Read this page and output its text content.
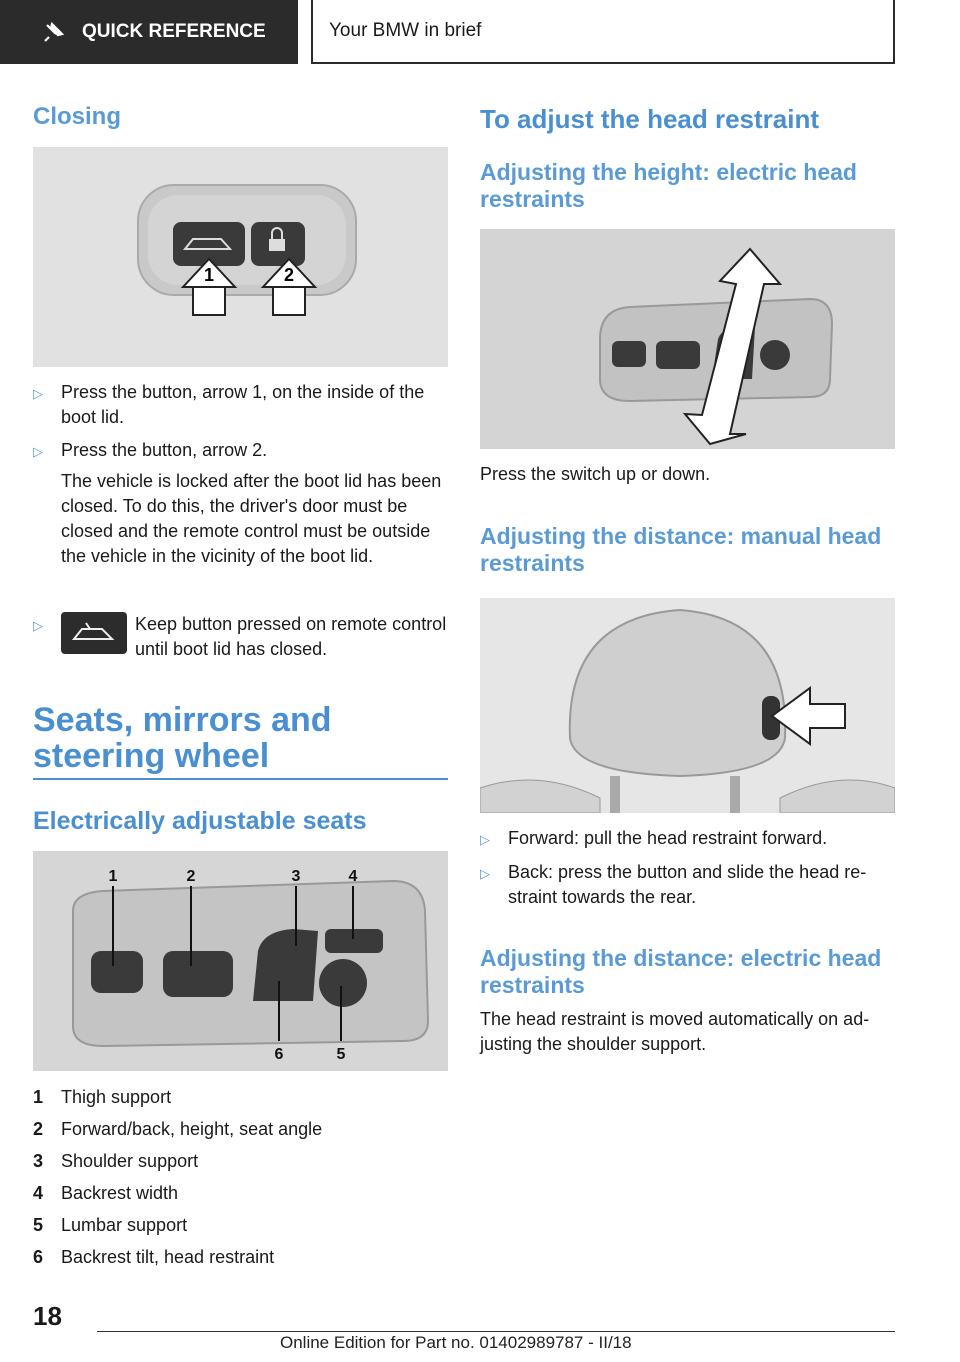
QUICK REFERENCE	Your BMW in brief
Closing
1	2
▷	Press the button, arrow 1, on the inside of the boot lid.
▷	Press the button, arrow 2.
The vehicle is locked after the boot lid has been closed. To do this, the driver's door must be closed and the remote control must be outside the vehicle in the vicinity of the boot lid.
▷	Keep button pressed on remote control until boot lid has closed.
Seats, mirrors and steering wheel
Electrically adjustable seats
1	2	3	4
6	5
1 Thigh support
2 Forward/back, height, seat angle
3 Shoulder support
4 Backrest width
5 Lumbar support
6 Backrest tilt, head restraint
To adjust the head restraint
Adjusting the height: electric head restraints
Press the switch up or down.
Adjusting the distance: manual head restraints
▷	Forward: pull the head restraint forward.
▷	Back: press the button and slide the head re-straint towards the rear.
Adjusting the distance: electric head restraints
The head restraint is moved automatically on ad-justing the shoulder support.
18
Online Edition for Part no. 01402989787 - II/18
